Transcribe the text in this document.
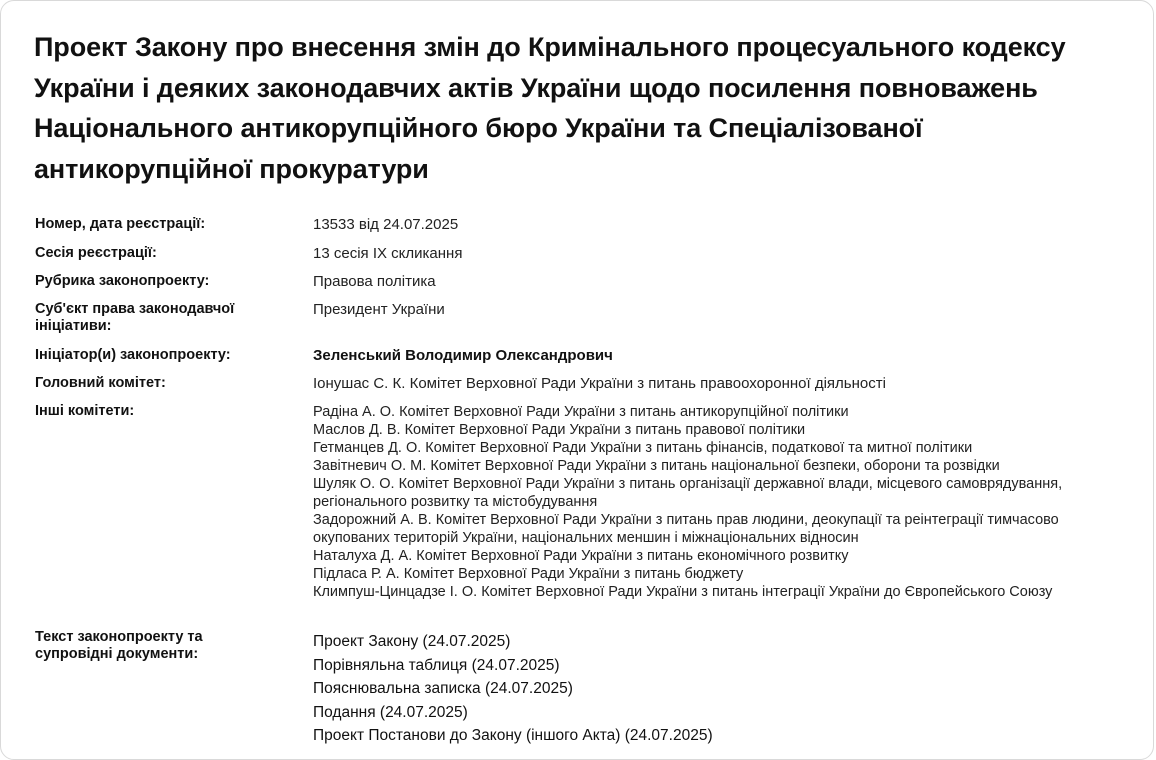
Проект Закону про внесення змін до Кримінального процесуального кодексу України і деяких законодавчих актів України щодо посилення повноважень Національного антикорупційного бюро України та Спеціалізованої антикорупційної прокуратури
Номер, дата реєстрації:	13533 від 24.07.2025
Сесія реєстрації:	13 сесія IX скликання
Рубрика законопроекту:	Правова політика
Суб'єкт права законодавчої ініціативи:
Президент України
Ініціатор(и) законопроекту:	Зеленський Володимир Олександрович
Головний комітет:	Іонушас С. К. Комітет Верховної Ради України з питань правоохоронної діяльності
Інші комітети:	Радіна А. О. Комітет Верховної Ради України з питань антикорупційної політики
Маслов Д. В. Комітет Верховної Ради України з питань правової політики
Гетманцев Д. О. Комітет Верховної Ради України з питань фінансів, податкової та митної політики
Завітневич О. М. Комітет Верховної Ради України з питань національної безпеки, оборони та розвідки
Шуляк О. О. Комітет Верховної Ради України з питань організації державної влади, місцевого самоврядування, регіонального розвитку та містобудування
Задорожний А. В. Комітет Верховної Ради України з питань прав людини, деокупації та реінтеграції тимчасово окупованих територій України, національних меншин і міжнаціональних відносин
Наталуха Д. А. Комітет Верховної Ради України з питань економічного розвитку
Підласа Р. А. Комітет Верховної Ради України з питань бюджету
Климпуш-Цинцадзе І. О. Комітет Верховної Ради України з питань інтеграції України до Європейського Союзу
Текст законопроекту та супровідні документи:
Проект Закону (24.07.2025)
Порівняльна таблиця (24.07.2025)
Пояснювальна записка (24.07.2025)
Подання (24.07.2025)
Проект Постанови до Закону (іншого Акта) (24.07.2025)
